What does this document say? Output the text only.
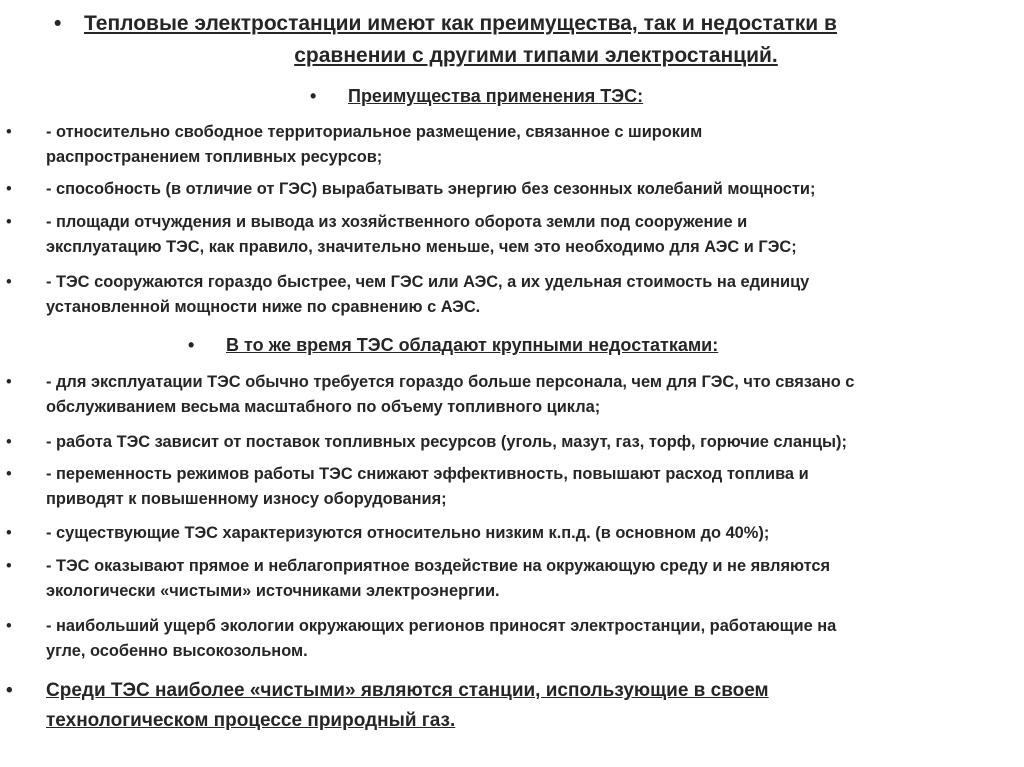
•	Тепловые электростанции имеют как преимущества, так и недостатки в
сравнении с другими типами электростанций.
• Преимущества применения ТЭС:
• - относительно свободное территориальное размещение, связанное с широким
распространением топливных ресурсов;
• - способность (в отличие от ГЭС) вырабатывать энергию без сезонных колебаний мощности;
• - площади отчуждения и вывода из хозяйственного оборота земли под сооружение и
эксплуатацию ТЭС, как правило, значительно меньше, чем это необходимо для АЭС и ГЭС;
• - ТЭС сооружаются гораздо быстрее, чем ГЭС или АЭС, а их удельная стоимость на единицу
установленной мощности ниже по сравнению с АЭС.
• В то же время ТЭС обладают крупными недостатками:
• - для эксплуатации ТЭС обычно требуется гораздо больше персонала, чем для ГЭС, что связано с
обслуживанием весьма масштабного по объему топливного цикла;
• - работа ТЭС зависит от поставок топливных ресурсов (уголь, мазут, газ, торф, горючие сланцы);
• - переменность режимов работы ТЭС снижают эффективность, повышают расход топлива и
приводят к повышенному износу оборудования;
• - существующие ТЭС характеризуются относительно низким к.п.д. (в основном до 40%);
• - ТЭС оказывают прямое и неблагоприятное воздействие на окружающую среду и не являются
экологически «чистыми» источниками электроэнергии.
• - наибольший ущерб экологии окружающих регионов приносят электростанции, работающие на
угле, особенно высокозольном.
• Среди ТЭС наиболее «чистыми» являются станции, использующие в своем
технологическом процессе природный газ.
